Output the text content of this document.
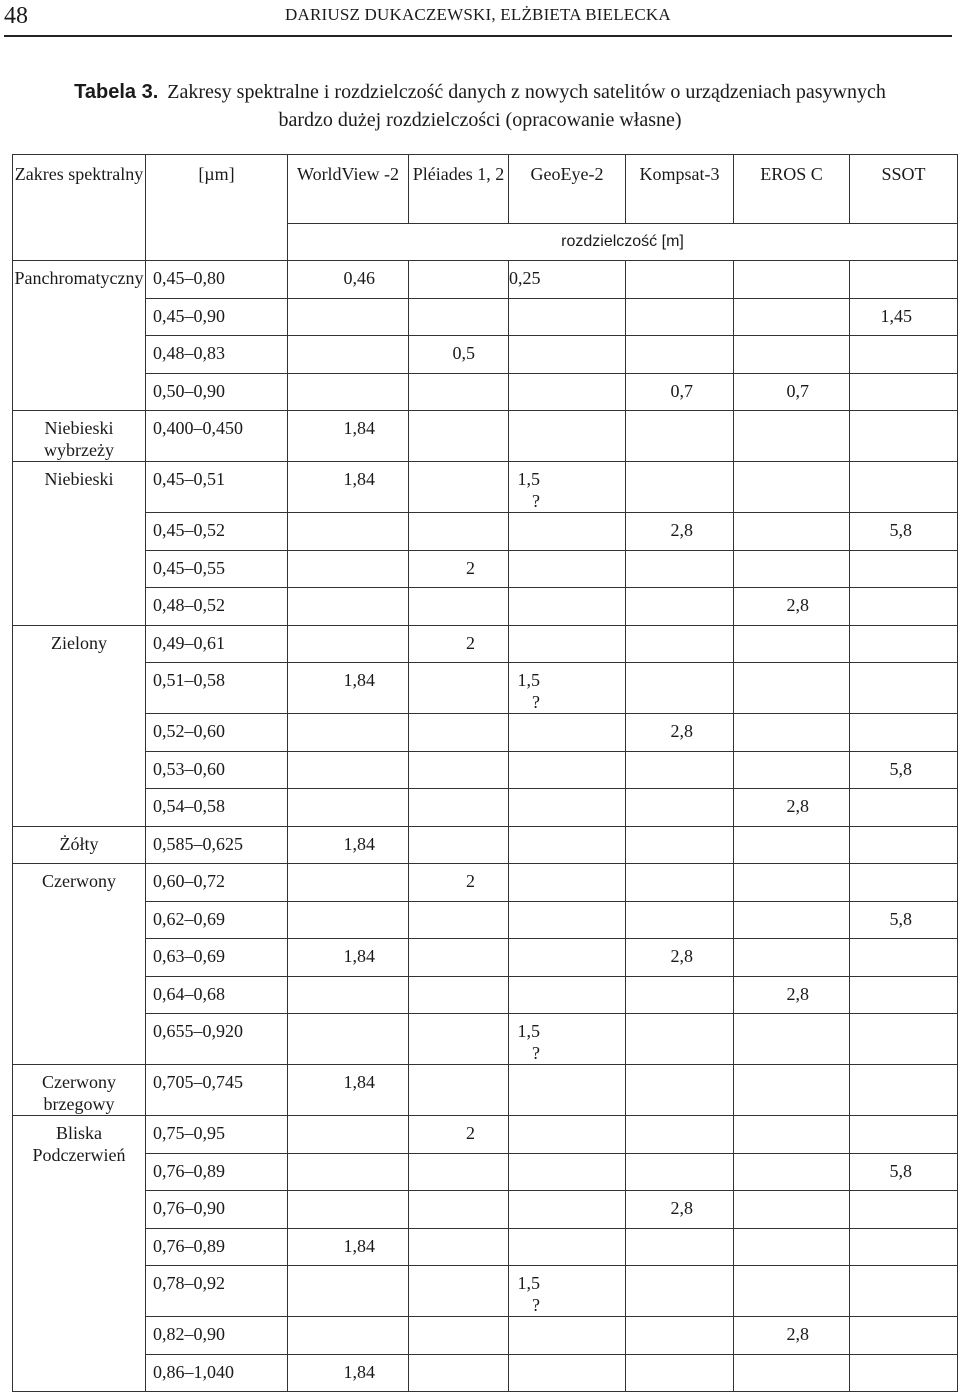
48	DARIUSZ DUKACZEWSKI, ELŻBIETA BIELECKA
Tabela 3. Zakresy spektralne i rozdzielczość danych z nowych satelitów o urządzeniach pasywnych
bardzo dużej rozdzielczości (opracowanie własne)
Zakres spektralny	[µm]	WorldView -2	Pléiades 1, 2	GeoEye-2	Kompsat-3	EROS C	SSOT
		rozdzielczość [m]					
Panchromatyczny	0,45–0,80	0,46		0,25			
	0,45–0,90						1,45
	0,48–0,83		0,5				
	0,50–0,90				0,7	0,7	
Niebieski wybrzeży	0,400–0,450	1,84					
Niebieski	0,45–0,51	1,84		1,5 ?			
	0,45–0,52				2,8		5,8
	0,45–0,55		2				
	0,48–0,52					2,8	
Zielony	0,49–0,61		2				
	0,51–0,58	1,84		1,5 ?			
	0,52–0,60				2,8		
	0,53–0,60						5,8
	0,54–0,58					2,8	
Żółty	0,585–0,625	1,84					
Czerwony	0,60–0,72		2				
	0,62–0,69						5,8
	0,63–0,69	1,84			2,8		
	0,64–0,68					2,8	
	0,655–0,920			1,5 ?			
Czerwony brzegowy	0,705–0,745	1,84					
Bliska Podczerwień	0,75–0,95		2				
	0,76–0,89						5,8
	0,76–0,90				2,8		
	0,76–0,89	1,84					
	0,78–0,92			1,5 ?			
	0,82–0,90					2,8	
	0,86–1,040	1,84					
